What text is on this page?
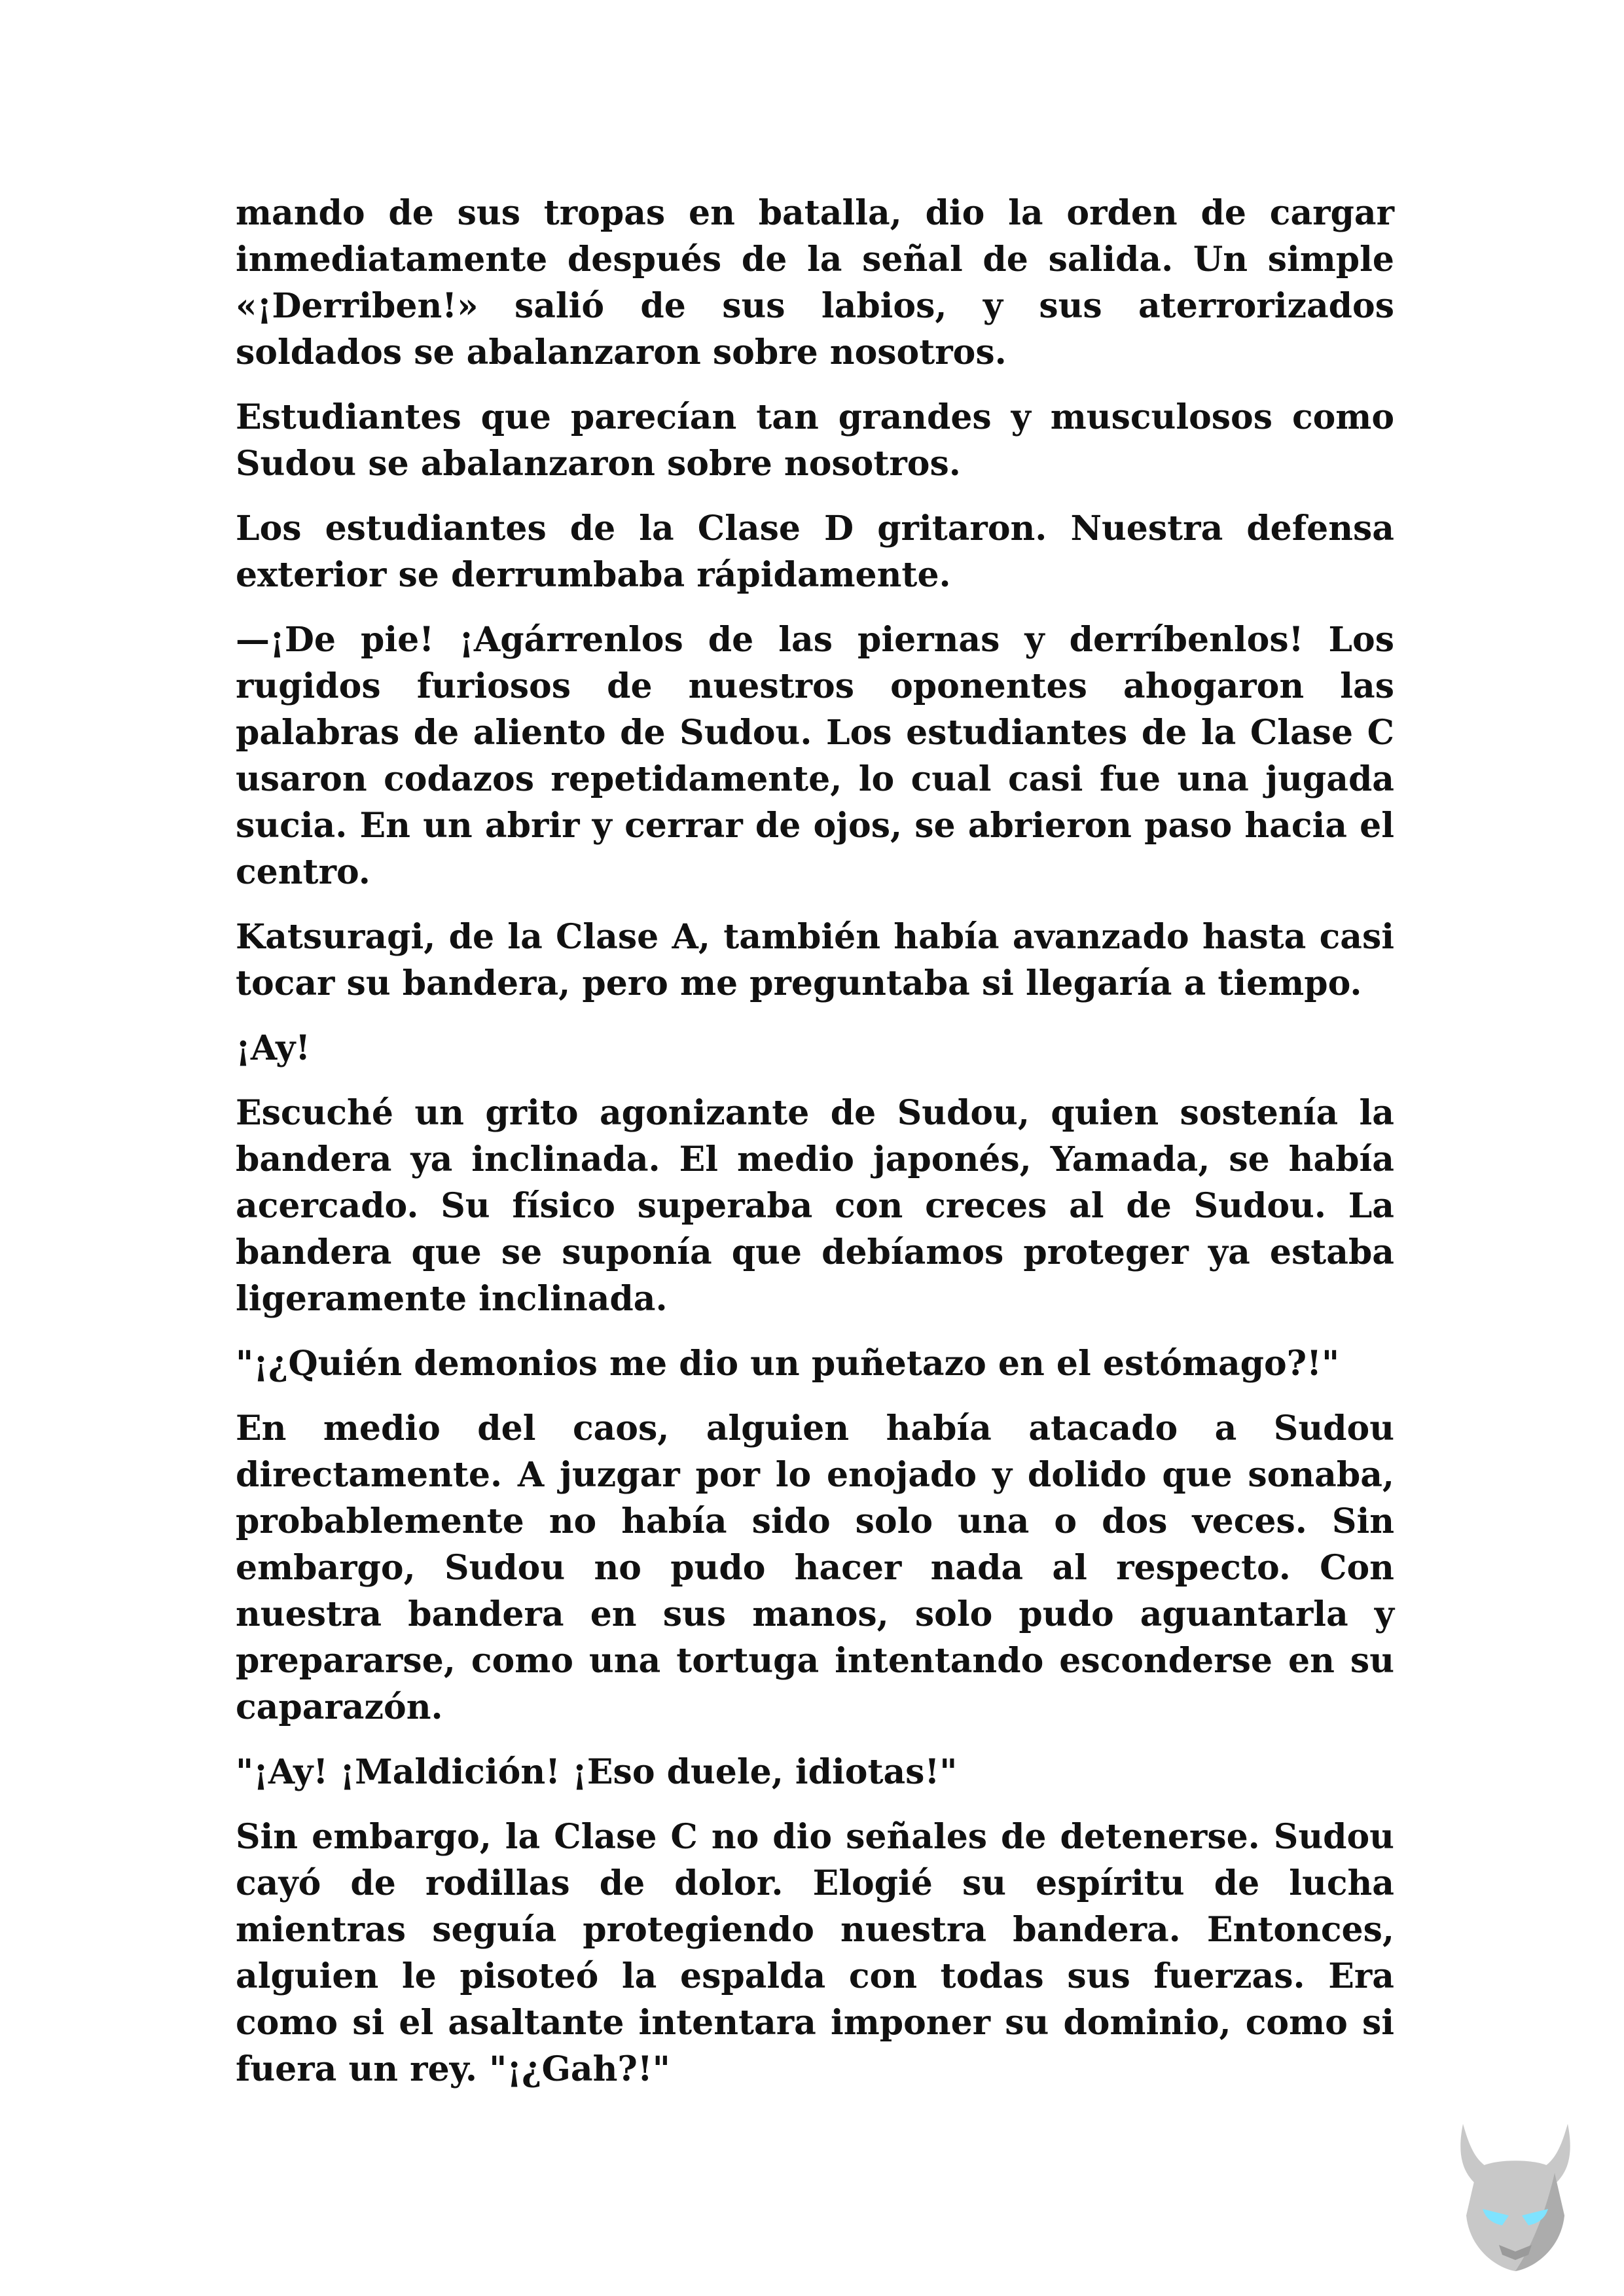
mando de sus tropas en batalla, dio la orden de cargar inmediatamente después de la señal de salida. Un simple «¡Derriben!» salió de sus labios, y sus aterrorizados soldados se abalanzaron sobre nosotros.

Estudiantes que parecían tan grandes y musculosos como Sudou se abalanzaron sobre nosotros.

Los estudiantes de la Clase D gritaron. Nuestra defensa exterior se derrumbaba rápidamente.

—¡De pie! ¡Agárrenlos de las piernas y derríbenlos! Los rugidos furiosos de nuestros oponentes ahogaron las palabras de aliento de Sudou. Los estudiantes de la Clase C usaron codazos repetidamente, lo cual casi fue una jugada sucia. En un abrir y cerrar de ojos, se abrieron paso hacia el centro.

Katsuragi, de la Clase A, también había avanzado hasta casi tocar su bandera, pero me preguntaba si llegaría a tiempo.

¡Ay!

Escuché un grito agonizante de Sudou, quien sostenía la bandera ya inclinada. El medio japonés, Yamada, se había acercado. Su físico superaba con creces al de Sudou. La bandera que se suponía que debíamos proteger ya estaba ligeramente inclinada.

"¡¿Quién demonios me dio un puñetazo en el estómago?!"

En medio del caos, alguien había atacado a Sudou directamente. A juzgar por lo enojado y dolido que sonaba, probablemente no había sido solo una o dos veces. Sin embargo, Sudou no pudo hacer nada al respecto. Con nuestra bandera en sus manos, solo pudo aguantarla y prepararse, como una tortuga intentando esconderse en su caparazón.

"¡Ay! ¡Maldición! ¡Eso duele, idiotas!"

Sin embargo, la Clase C no dio señales de detenerse. Sudou cayó de rodillas de dolor. Elogié su espíritu de lucha mientras seguía protegiendo nuestra bandera. Entonces, alguien le pisoteó la espalda con todas sus fuerzas. Era como si el asaltante intentara imponer su dominio, como si fuera un rey. "¡¿Gah?!"
